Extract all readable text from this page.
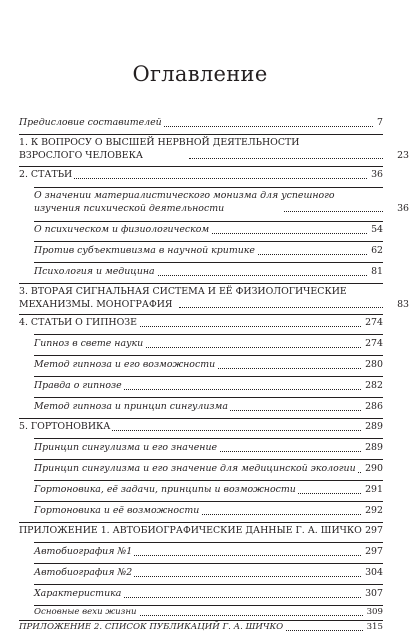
Оглавление
Предисловие составителей	7
1. К ВОПРОСУ О ВЫСШЕЙ НЕРВНОЙ ДЕЯТЕЛЬНОСТИ ВЗРОСЛОГО ЧЕЛОВЕКА	23
2. СТАТЬИ	36
О значении материалистического монизма для успешного изучения психической деятельности	36
О психическом и физиологическом	54
Против субъективизма в научной критике	62
Психология и медицина	81
3. ВТОРАЯ СИГНАЛЬНАЯ СИСТЕМА И ЕЁ ФИЗИОЛОГИЧЕСКИЕ МЕХАНИЗМЫ. МОНОГРАФИЯ	83
4. СТАТЬИ О ГИПНОЗЕ	274
Гипноз в свете науки	274
Метод гипноза и его возможности	280
Правда о гипнозе	282
Метод гипноза и принцип сингулизма	286
5. ГОРТОНОВИКА	289
Принцип сингулизма и его значение	289
Принцип сингулизма и его значение для медицинской экологии	290
Гортоновика, её задачи, принципы и возможности	291
Гортоновика и её возможности	292
ПРИЛОЖЕНИЕ 1. АВТОБИОГРАФИЧЕСКИЕ ДАННЫЕ Г. А. ШИЧКО 297
Автобиография №1	297
Автобиография №2	304
Характеристика	307
Основные вехи жизни	309
ПРИЛОЖЕНИЕ 2. СПИСОК ПУБЛИКАЦИЙ Г. А. ШИЧКО	315
